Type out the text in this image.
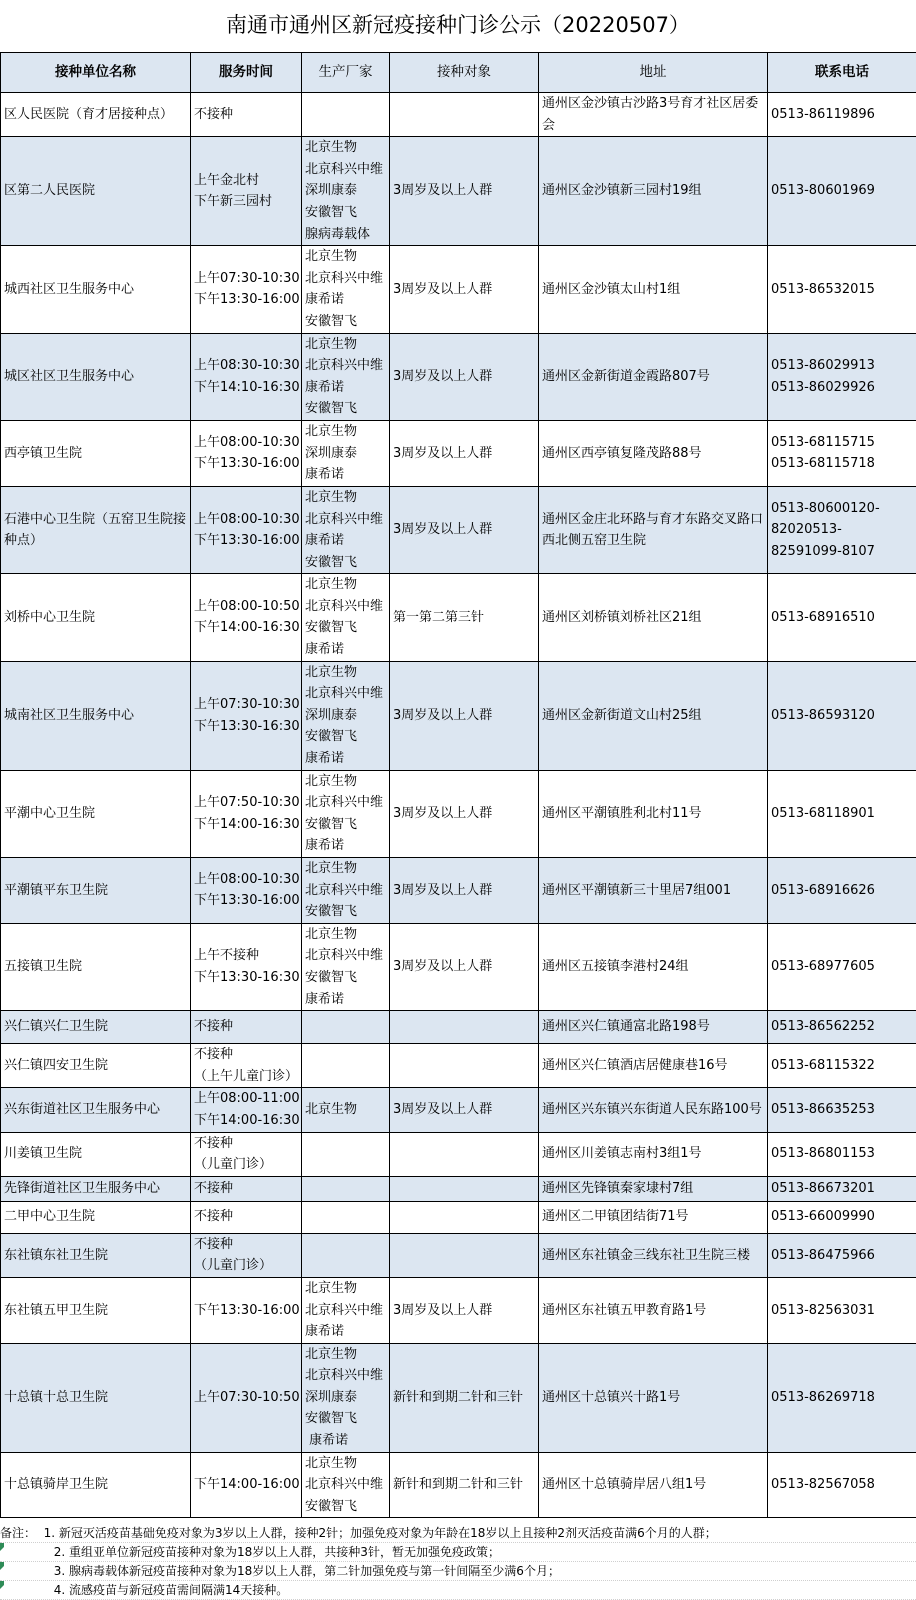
南通市通州区新冠疫接种门诊公示（20220507）
接种单位名称	服务时间	生产厂家	接种对象	地址	联系电话
区人民医院（育才居接种点）	不接种			通州区金沙镇古沙路3号育才社区居委会	0513-86119896

区第二人民医院	上午金北村
下午新三园村	北京生物
北京科兴中维
深圳康泰
安徽智飞
腺病毒载体	3周岁及以上人群	通州区金沙镇新三园村19组	0513-80601969

城西社区卫生服务中心	上午07:30-10:30
下午13:30-16:00	北京生物
北京科兴中维
康希诺
安徽智飞	3周岁及以上人群	通州区金沙镇太山村1组	0513-86532015

城区社区卫生服务中心	上午08:30-10:30
下午14:10-16:30	北京生物
北京科兴中维
康希诺
安徽智飞	3周岁及以上人群	通州区金新街道金霞路807号	0513-86029913
0513-86029926

西亭镇卫生院	上午08:00-10:30
下午13:30-16:00	北京生物
深圳康泰
康希诺	3周岁及以上人群	通州区西亭镇复隆茂路88号	0513-68115715
0513-68115718

石港中心卫生院（五窑卫生院接种点）	上午08:00-10:30
下午13:30-16:00	北京生物
北京科兴中维
康希诺
安徽智飞	3周岁及以上人群	通州区金庄北环路与育才东路交叉路口西北侧五窑卫生院	0513-80600120-
82020513-
82591099-8107

刘桥中心卫生院	上午08:00-10:50
下午14:00-16:30	北京生物
北京科兴中维
安徽智飞
康希诺	第一第二第三针	通州区刘桥镇刘桥社区21组	0513-68916510

城南社区卫生服务中心	上午07:30-10:30
下午13:30-16:30	北京生物
北京科兴中维
深圳康泰
安徽智飞
康希诺	3周岁及以上人群	通州区金新街道文山村25组	0513-86593120

平潮中心卫生院	上午07:50-10:30
下午14:00-16:30	北京生物
北京科兴中维
安徽智飞
康希诺	3周岁及以上人群	通州区平潮镇胜利北村11号	0513-68118901

平潮镇平东卫生院	上午08:00-10:30
下午13:30-16:00	北京生物
北京科兴中维
安徽智飞	3周岁及以上人群	通州区平潮镇新三十里居7组001	0513-68916626

五接镇卫生院	上午不接种
下午13:30-16:30	北京生物
北京科兴中维
安徽智飞
康希诺	3周岁及以上人群	通州区五接镇李港村24组	0513-68977605

兴仁镇兴仁卫生院	不接种			通州区兴仁镇通富北路198号	0513-86562252

兴仁镇四安卫生院	不接种
（上午儿童门诊）			通州区兴仁镇酒店居健康巷16号	0513-68115322

兴东街道社区卫生服务中心	上午08:00-11:00
下午14:00-16:30	北京生物	3周岁及以上人群	通州区兴东镇兴东街道人民东路100号	0513-86635253

川姜镇卫生院	不接种
（儿童门诊）			通州区川姜镇志南村3组1号	0513-86801153

先锋街道社区卫生服务中心	不接种			通州区先锋镇秦家埭村7组	0513-86673201

二甲中心卫生院	不接种			通州区二甲镇团结街71号	0513-66009990

东社镇东社卫生院	不接种
（儿童门诊）			通州区东社镇金三线东社卫生院三楼	0513-86475966

东社镇五甲卫生院	下午13:30-16:00	北京生物
北京科兴中维
康希诺	3周岁及以上人群	通州区东社镇五甲教育路1号	0513-82563031

十总镇十总卫生院	上午07:30-10:50	北京生物
北京科兴中维
深圳康泰
安徽智飞
康希诺	新针和到期二针和三针	通州区十总镇兴十路1号	0513-86269718

十总镇骑岸卫生院	下午14:00-16:00	北京生物
北京科兴中维
安徽智飞	新针和到期二针和三针	通州区十总镇骑岸居八组1号	0513-82567058
备注：  1. 新冠灭活疫苗基础免疫对象为3岁以上人群，接种2针；加强免疫对象为年龄在18岁以上且接种2剂灭活疫苗满6个月的人群；
2. 重组亚单位新冠疫苗接种对象为18岁以上人群，共接种3针，暂无加强免疫政策；
3. 腺病毒载体新冠疫苗接种对象为18岁以上人群，第二针加强免疫与第一针间隔至少满6个月；
4. 流感疫苗与新冠疫苗需间隔满14天接种。
